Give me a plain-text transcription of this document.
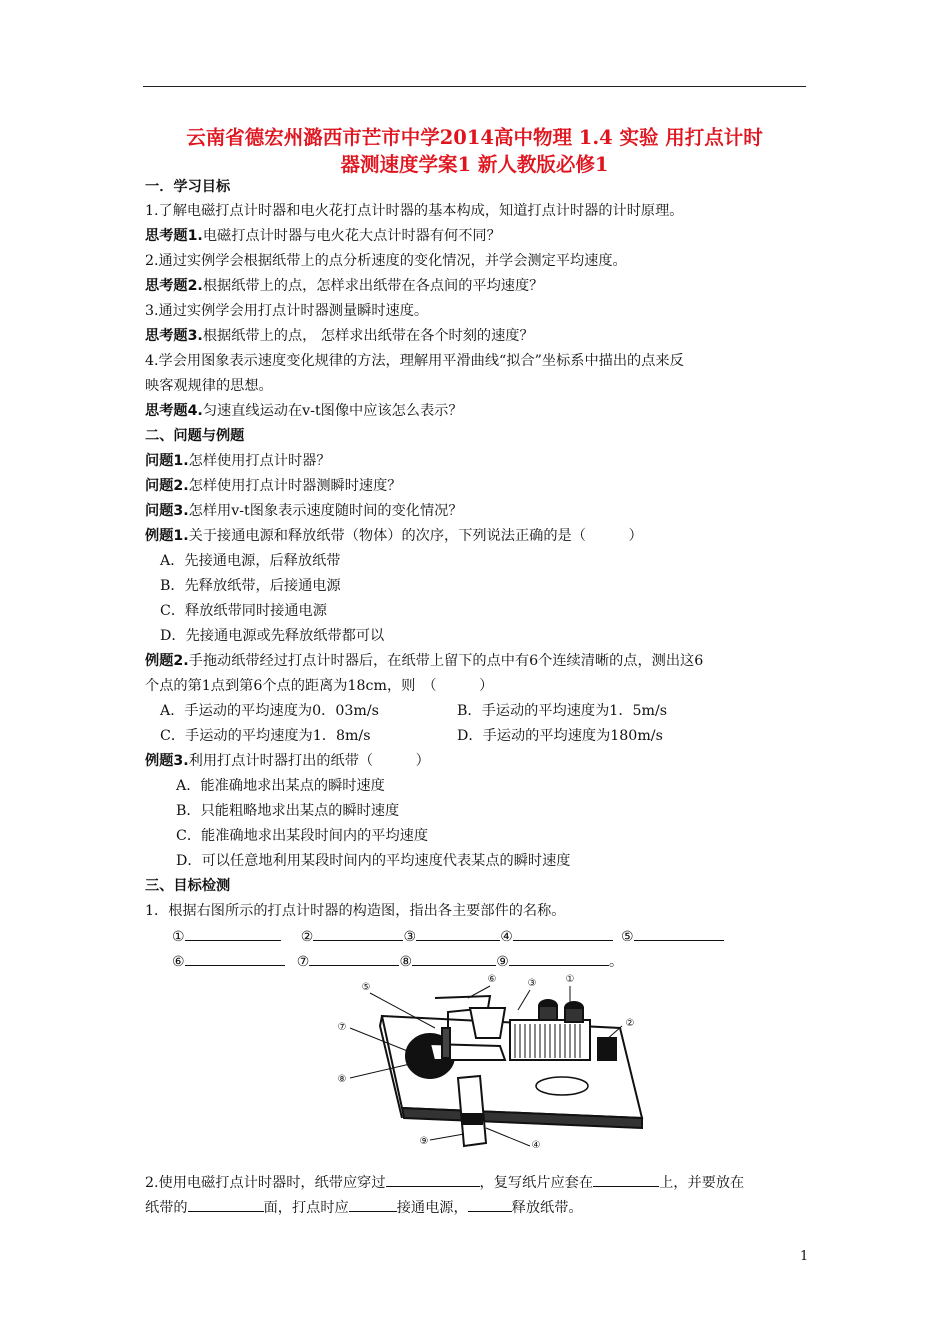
云南省德宏州潞西市芒市中学2014高中物理 1.4 实验 用打点计时
器测速度学案1 新人教版必修1
一．学习目标
1.了解电磁打点计时器和电火花打点计时器的基本构成，知道打点计时器的计时原理。
思考题1.电磁打点计时器与电火花大点计时器有何不同？
2.通过实例学会根据纸带上的点分析速度的变化情况，并学会测定平均速度。
思考题2.根据纸带上的点，怎样求出纸带在各点间的平均速度？
3.通过实例学会用打点计时器测量瞬时速度。
思考题3.根据纸带上的点， 怎样求出纸带在各个时刻的速度？
4.学会用图象表示速度变化规律的方法，理解用平滑曲线“拟合”坐标系中描出的点来反
映客观规律的思想。
思考题4.匀速直线运动在v-t图像中应该怎么表示？
二、问题与例题
问题1.怎样使用打点计时器？
问题2.怎样使用打点计时器测瞬时速度？
问题3.怎样用v-t图象表示速度随时间的变化情况？
例题1.关于接通电源和释放纸带（物体）的次序，下列说法正确的是（　　　）
A．先接通电源，后释放纸带
B．先释放纸带，后接通电源
C．释放纸带同时接通电源
D．先接通电源或先释放纸带都可以
例题2.手拖动纸带经过打点计时器后，在纸带上留下的点中有6个连续清晰的点，测出这6
个点的第1点到第6个点的距离为18cm，则　（　　　）
A．手运动的平均速度为0．03m/s	B．手运动的平均速度为1．5m/s
C．手运动的平均速度为1．8m/s	D．手运动的平均速度为180m/s
例题3.利用打点计时器打出的纸带（　　　）
A．能准确地求出某点的瞬时速度
B．只能粗略地求出某点的瞬时速度
C．能准确地求出某段时间内的平均速度
D．可以任意地利用某段时间内的平均速度代表某点的瞬时速度
三、目标检测
1．根据右图所示的打点计时器的构造图，指出各主要部件的名称。
①	②	③	④	⑤
⑥	⑦	⑧	⑨	。
①
②
③
④
⑤
⑥
⑦
⑧
⑨
2.使用电磁打点计时器时，纸带应穿过	，复写纸片应套在	上，并要放在
纸带的	面，打点时应	接通电源，	释放纸带。
1
